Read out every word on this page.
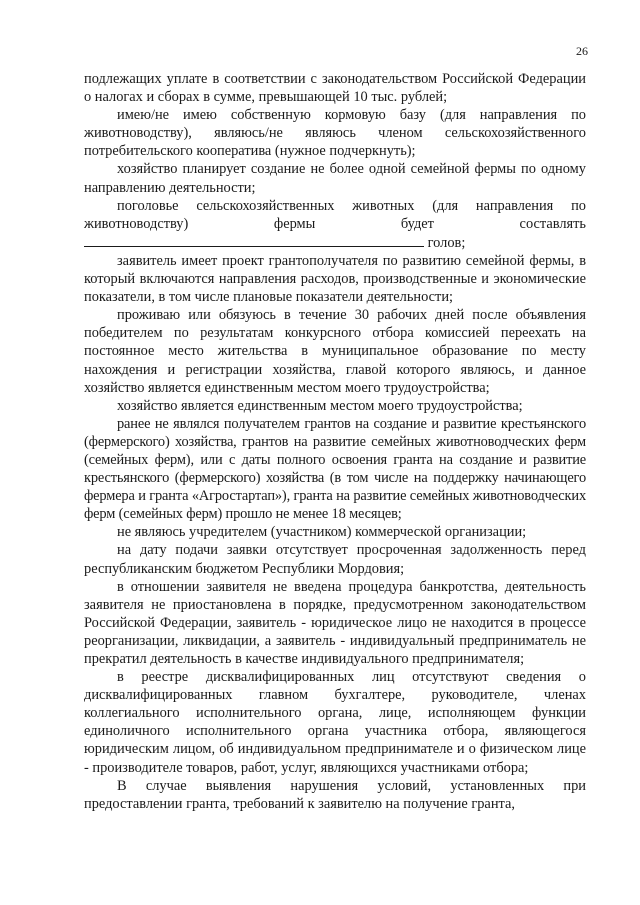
26

подлежащих уплате в соответствии с законодательством Российской Федерации о налогах и сборах в сумме, превышающей 10 тыс. рублей;

имею/не имею собственную кормовую базу (для направления по животноводству), являюсь/не являюсь членом сельскохозяйственного потребительского кооператива (нужное подчеркнуть);

хозяйство планирует создание не более одной семейной фермы по одному направлению деятельности;

поголовье сельскохозяйственных животных (для направления по животноводству) фермы будет составлять

голов;

заявитель имеет проект грантополучателя по развитию семейной фермы, в который включаются направления расходов, производственные и экономические показатели, в том числе плановые показатели деятельности;

проживаю или обязуюсь в течение 30 рабочих дней после объявления победителем по результатам конкурсного отбора комиссией переехать на постоянное место жительства в муниципальное образование по месту нахождения и регистрации хозяйства, главой которого являюсь, и данное хозяйство является единственным местом моего трудоустройства;

хозяйство является единственным местом моего трудоустройства;

ранее не являлся получателем грантов на создание и развитие крестьянского (фермерского) хозяйства, грантов на развитие семейных животноводческих ферм (семейных ферм), или с даты полного освоения гранта на создание и развитие крестьянского (фермерского) хозяйства (в том числе на поддержку начинающего фермера и гранта «Агростартап»), гранта на развитие семейных животноводческих ферм (семейных ферм) прошло не менее 18 месяцев;

не являюсь учредителем (участником) коммерческой организации;

на дату подачи заявки отсутствует просроченная задолженность перед республиканским бюджетом Республики Мордовия;

в отношении заявителя не введена процедура банкротства, деятельность заявителя не приостановлена в порядке, предусмотренном законодательством Российской Федерации, заявитель - юридическое лицо не находится в процессе реорганизации, ликвидации, а заявитель - индивидуальный предприниматель не прекратил деятельность в качестве индивидуального предпринимателя;

в реестре дисквалифицированных лиц отсутствуют сведения о дисквалифицированных главном бухгалтере, руководителе, членах коллегиального исполнительного органа, лице, исполняющем функции единоличного исполнительного органа участника отбора, являющегося юридическим лицом, об индивидуальном предпринимателе и о физическом лице - производителе товаров, работ, услуг, являющихся участниками отбора;

В случае выявления нарушения условий, установленных при предоставлении гранта, требований к заявителю на получение гранта,
